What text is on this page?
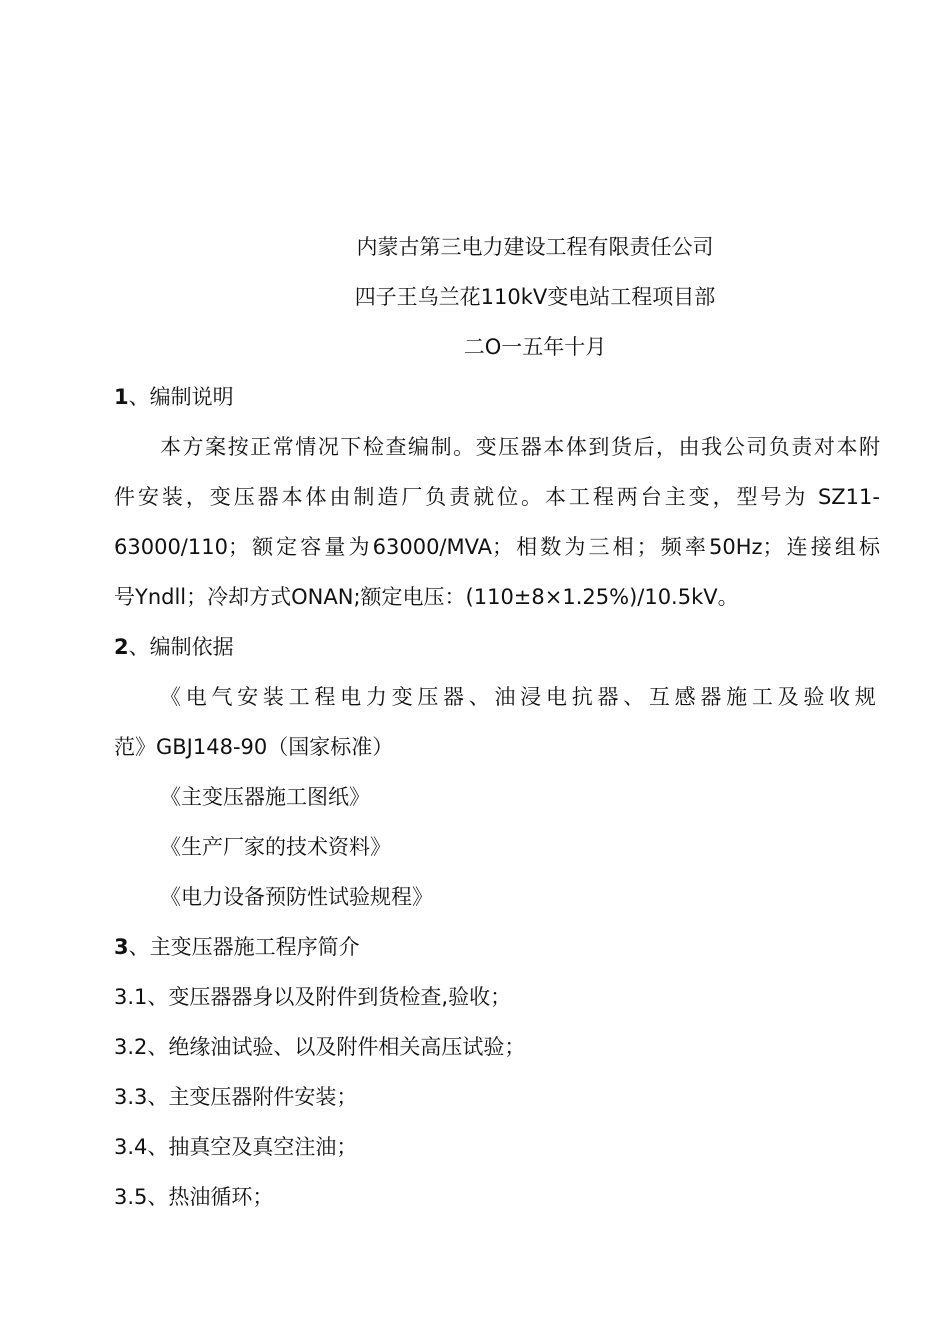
内蒙古第三电力建设工程有限责任公司
四子王乌兰花110kV变电站工程项目部
二O一五年十月
1、编制说明
本方案按正常情况下检查编制。变压器本体到货后，由我公司负责对本附
件安装，变压器本体由制造厂负责就位。本工程两台主变，型号为 SZ11-
63000/110；额定容量为63000/MVA；相数为三相；频率50Hz；连接组标
号Yndll；冷却方式ONAN;额定电压：(110±8×1.25%)/10.5kV。
2、编制依据
《电气安装工程电力变压器、油浸电抗器、互感器施工及验收规
范》GBJ148-90（国家标准）
《主变压器施工图纸》
《生产厂家的技术资料》
《电力设备预防性试验规程》
3、主变压器施工程序简介
3.1、变压器器身以及附件到货检查,验收；
3.2、绝缘油试验、以及附件相关高压试验；
3.3、主变压器附件安装；
3.4、抽真空及真空注油；
3.5、热油循环；
